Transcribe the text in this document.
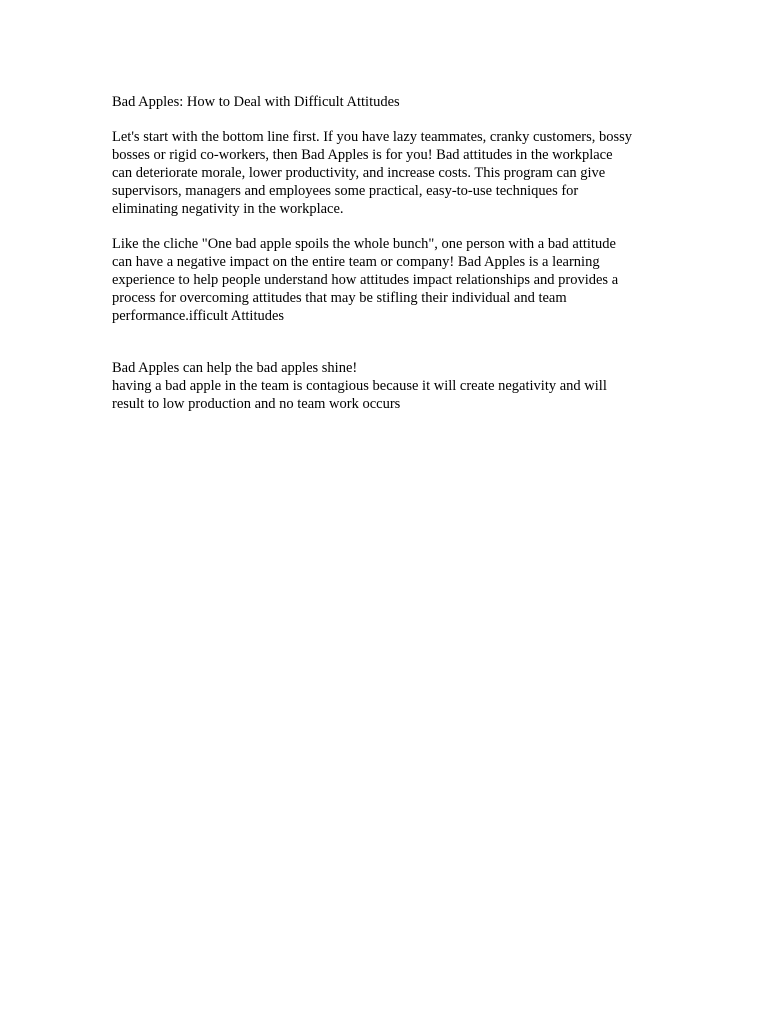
Bad Apples: How to Deal with Difficult Attitudes

Let's start with the bottom line first. If you have lazy teammates, cranky customers, bossy
bosses or rigid co-workers, then Bad Apples is for you! Bad attitudes in the workplace
can deteriorate morale, lower productivity, and increase costs. This program can give
supervisors, managers and employees some practical, easy-to-use techniques for
eliminating negativity in the workplace.

Like the cliche "One bad apple spoils the whole bunch", one person with a bad attitude
can have a negative impact on the entire team or company! Bad Apples is a learning
experience to help people understand how attitudes impact relationships and provides a
process for overcoming attitudes that may be stifling their individual and team
performance.ifficult Attitudes

Bad Apples can help the bad apples shine!
having a bad apple in the team is contagious because it will create negativity and will
result to low production and no team work occurs
